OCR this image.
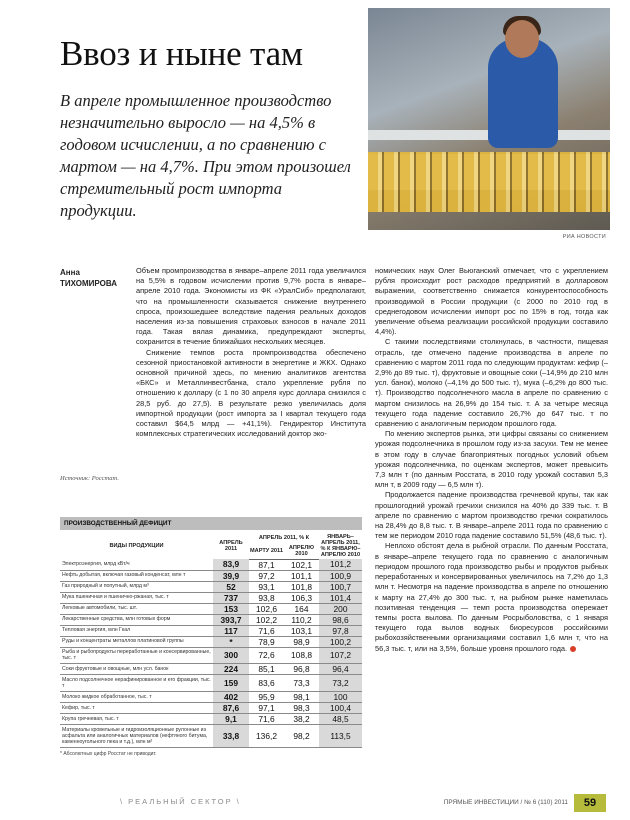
Ввоз и ныне там
В апреле промышленное производство незначительно выросло — на 4,5% в годовом исчислении, а по сравнению с мартом — на 4,7%. При этом произошел стремительный рост импорта продукции.
РИА НОВОСТИ
Анна
ТИХОМИРОВА
Источник: Росстат.

Объем промпроизводства в январе–апреле 2011 года увеличился на 5,5% в годовом исчислении против 9,7% роста в январе–апреле 2010 года. Экономисты из ФК «УралСиб» предполагают, что на промышленности сказывается снижение внутреннего спроса, произошедшее вследствие падения реальных доходов населения из-за повышения страховых взносов в начале 2011 года. Такая вялая динамика, предупреждают эксперты, сохранится в течение ближайших нескольких месяцев.

Снижение темпов роста промпроизводства обеспечено сезонной приостановкой активности в энергетике и ЖКХ. Однако основной причиной здесь, по мнению аналитиков агентства «БКС» и Металлинвестбанка, стало укрепление рубля по отношению к доллару (с 1 по 30 апреля курс доллара снизился с 28,5 руб. до 27,5). В результате резко увеличилась доля импортной продукции (рост импорта за I квартал текущего года составил $64,5 млрд — +41,1%). Гендиректор Института комплексных стратегических исследований доктор эко-

номических наук Олег Вьюганский отмечает, что с укреплением рубля происходит рост расходов предприятий в долларовом выражении, соответственно снижается конкурентоспособность производимой в России продукции (с 2000 по 2010 год в среднегодовом исчислении импорт рос по 15% в год, тогда как увеличение объема реализации российской продукции составило 4,4%).

С такими последствиями столкнулась, в частности, пищевая отрасль, где отмечено падение производства в апреле по сравнению с мартом 2011 года по следующим продуктам: кефир (–2,9% до 89 тыс. т), фруктовые и овощные соки (–14,9% до 210 млн усл. банок), молоко (–4,1% до 500 тыс. т), мука (–6,2% до 800 тыс. т). Производство подсолнечного масла в апреле по сравнению с мартом снизилось на 26,9% до 154 тыс. т. А за четыре месяца текущего года падение составило 26,7% до 647 тыс. т по сравнению с аналогичным периодом прошлого года.

По мнению экспертов рынка, эти цифры связаны со снижением урожая подсолнечника в прошлом году из-за засухи. Тем не менее в этом году в случае благоприятных погодных условий объем урожая подсолнечника, по оценкам экспертов, может превысить 7,3 млн т (по данным Росстата, в 2010 году урожай составил 5,3 млн т, в 2009 году — 6,5 млн т).

Продолжается падение производства гречневой крупы, так как прошлогодний урожай гречихи снизился на 40% до 339 тыс. т. В апреле по сравнению с мартом производство гречки сократилось на 28,4% до 8,8 тыс. т. В январе–апреле 2011 года по сравнению с тем же периодом 2010 года падение составило 51,5% (48,6 тыс. т).

Неплохо обстоят дела в рыбной отрасли. По данным Росстата, в январе–апреле текущего года по сравнению с аналогичным периодом прошлого года производство рыбы и продуктов рыбных переработанных и консервированных увеличилось на 7,2% до 1,3 млн т. Несмотря на падение производства в апреле по отношению к марту на 27,4% до 300 тыс. т, на рыбном рынке наметилась позитивная тенденция — темп роста производства опережает темпы роста вылова. По данным Росрыболовства, с 1 января текущего года вылов водных биоресурсов российскими рыбохозяйственными организациями составил 1,6 млн т, что на 56,3 тыс. т, или на 3,5%, больше уровня прошлого года.

ПРОИЗВОДСТВЕННЫЙ ДЕФИЦИТ
ВИДЫ ПРОДУКЦИИ	АПРЕЛЬ 2011	АПРЕЛЬ 2011, % К		ЯНВАРЬ–АПРЕЛЬ 2011, % К ЯНВАРЮ–АПРЕЛЮ 2010
		МАРТУ 2011	АПРЕЛЮ 2010	
Электроэнергия, млрд кВт/ч	83,9	87,1	102,1	101,2
Нефть добытая, включая газовый конденсат, млн т	39,9	97,2	101,1	100,9
Газ природный и попутный, млрд м³	52	93,1	101,8	100,7
Мука пшеничная и пшенично-ржаная, тыс. т	737	93,8	106,3	101,4
Легковые автомобили, тыс. шт.	153	102,6	164	200
Лекарственные средства, млн готовых форм	393,7	102,2	110,2	98,6
Тепловая энергия, млн Гкал	117	71,6	103,1	97,8
Руды и концентраты металлов платиновой группы	*	78,9	98,9	100,2
Рыба и рыбопродукты переработанные и консервированные, тыс. т	300	72,6	108,8	107,2
Соки фруктовые и овощные, млн усл. банок	224	85,1	96,8	96,4
Масло подсолнечное нерафинированное и его фракции, тыс. т	159	83,6	73,3	73,2
Молоко жидкое обработанное, тыс. т	402	95,9	98,1	100
Кефир, тыс. т	87,6	97,1	98,3	100,4
Крупа гречневая, тыс. т	9,1	71,6	38,2	48,5
Материалы кровельные и гидроизоляционные рулонные из асфальта или аналогичных материалов (нефтяного битума, каменноугольного пека и т.д.), млн м²	33,8	136,2	98,2	113,5
* Абсолютных цифр Росстат не приводит.
\ РЕАЛЬНЫЙ СЕКТОР \	ПРЯМЫЕ ИНВЕСТИЦИИ / № 6 (110) 2011	59
